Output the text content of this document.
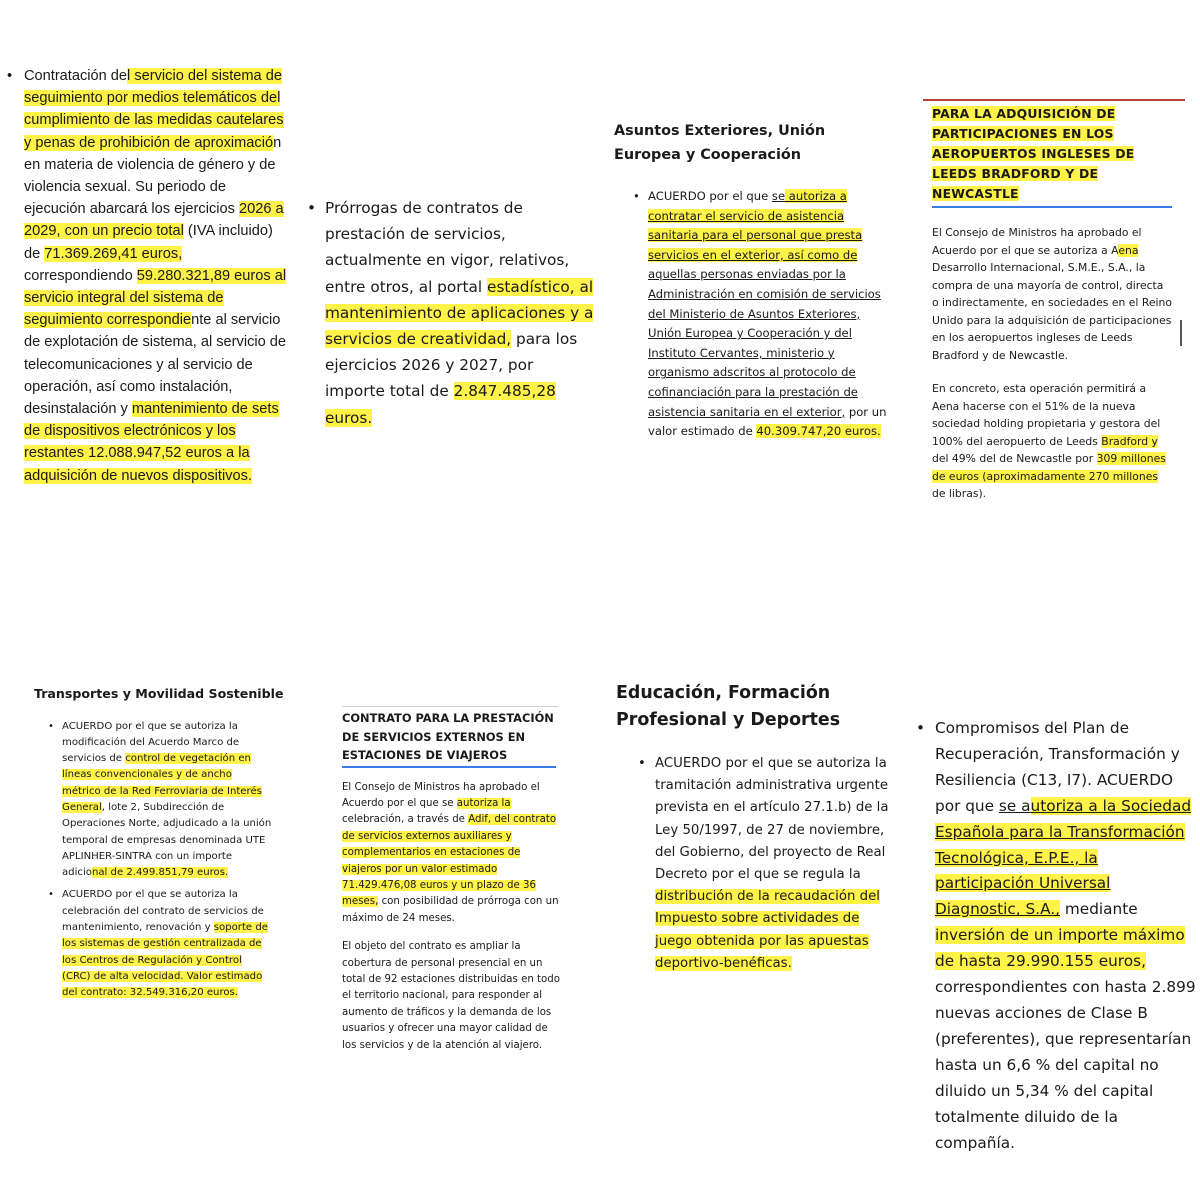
• Contratación del servicio del sistema de seguimiento por medios telemáticos del cumplimiento de las medidas cautelares y penas de prohibición de aproximación en materia de violencia de género y de violencia sexual. Su periodo de ejecución abarcará los ejercicios 2026 a 2029, con un precio total (IVA incluido) de 71.369.269,41 euros, correspondiendo 59.280.321,89 euros al servicio integral del sistema de seguimiento correspondiente al servicio de explotación de sistema, al servicio de telecomunicaciones y al servicio de operación, así como instalación, desinstalación y mantenimiento de sets de dispositivos electrónicos y los restantes 12.088.947,52 euros a la adquisición de nuevos dispositivos.
• Prórrogas de contratos de prestación de servicios, actualmente en vigor, relativos, entre otros, al portal estadístico, al mantenimiento de aplicaciones y a servicios de creatividad, para los ejercicios 2026 y 2027, por importe total de 2.847.485,28 euros.
Asuntos Exteriores, Unión Europea y Cooperación
• ACUERDO por el que se autoriza a contratar el servicio de asistencia sanitaria para el personal que presta servicios en el exterior, así como de aquellas personas enviadas por la Administración en comisión de servicios del Ministerio de Asuntos Exteriores, Unión Europea y Cooperación y del Instituto Cervantes, ministerio y organismo adscritos al protocolo de cofinanciación para la prestación de asistencia sanitaria en el exterior, por un valor estimado de 40.309.747,20 euros.
PARA LA ADQUISICIÓN DE PARTICIPACIONES EN LOS AEROPUERTOS INGLESES DE LEEDS BRADFORD Y DE NEWCASTLE

El Consejo de Ministros ha aprobado el Acuerdo por el que se autoriza a Aena Desarrollo Internacional, S.M.E., S.A., la compra de una mayoría de control, directa o indirectamente, en sociedades en el Reino Unido para la adquisición de participaciones en los aeropuertos ingleses de Leeds Bradford y de Newcastle.

En concreto, esta operación permitirá a Aena hacerse con el 51% de la nueva sociedad holding propietaria y gestora del 100% del aeropuerto de Leeds Bradford y del 49% del de Newcastle por 309 millones de euros (aproximadamente 270 millones de libras).

Transportes y Movilidad Sostenible
• ACUERDO por el que se autoriza la modificación del Acuerdo Marco de servicios de control de vegetación en líneas convencionales y de ancho métrico de la Red Ferroviaria de Interés General, lote 2, Subdirección de Operaciones Norte, adjudicado a la unión temporal de empresas denominada UTE APLINHER-SINTRA con un importe adicional de 2.499.851,79 euros.
• ACUERDO por el que se autoriza la celebración del contrato de servicios de mantenimiento, renovación y soporte de los sistemas de gestión centralizada de los Centros de Regulación y Control (CRC) de alta velocidad. Valor estimado del contrato: 32.549.316,20 euros.
CONTRATO PARA LA PRESTACIÓN DE SERVICIOS EXTERNOS EN ESTACIONES DE VIAJEROS

El Consejo de Ministros ha aprobado el Acuerdo por el que se autoriza la celebración, a través de Adif, del contrato de servicios externos auxiliares y complementarios en estaciones de viajeros por un valor estimado 71.429.476,08 euros y un plazo de 36 meses, con posibilidad de prórroga con un máximo de 24 meses.

El objeto del contrato es ampliar la cobertura de personal presencial en un total de 92 estaciones distribuidas en todo el territorio nacional, para responder al aumento de tráficos y la demanda de los usuarios y ofrecer una mayor calidad de los servicios y de la atención al viajero.

Educación, Formación Profesional y Deportes
• ACUERDO por el que se autoriza la tramitación administrativa urgente prevista en el artículo 27.1.b) de la Ley 50/1997, de 27 de noviembre, del Gobierno, del proyecto de Real Decreto por el que se regula la distribución de la recaudación del Impuesto sobre actividades de juego obtenida por las apuestas deportivo-benéficas.
• Compromisos del Plan de Recuperación, Transformación y Resiliencia (C13, I7). ACUERDO por que se autoriza a la Sociedad Española para la Transformación Tecnológica, E.P.E., la participación Universal Diagnostic, S.A., mediante inversión de un importe máximo de hasta 29.990.155 euros, correspondientes con hasta 2.899 nuevas acciones de Clase B (preferentes), que representarían hasta un 6,6 % del capital no diluido un 5,34 % del capital totalmente diluido de la compañía.
